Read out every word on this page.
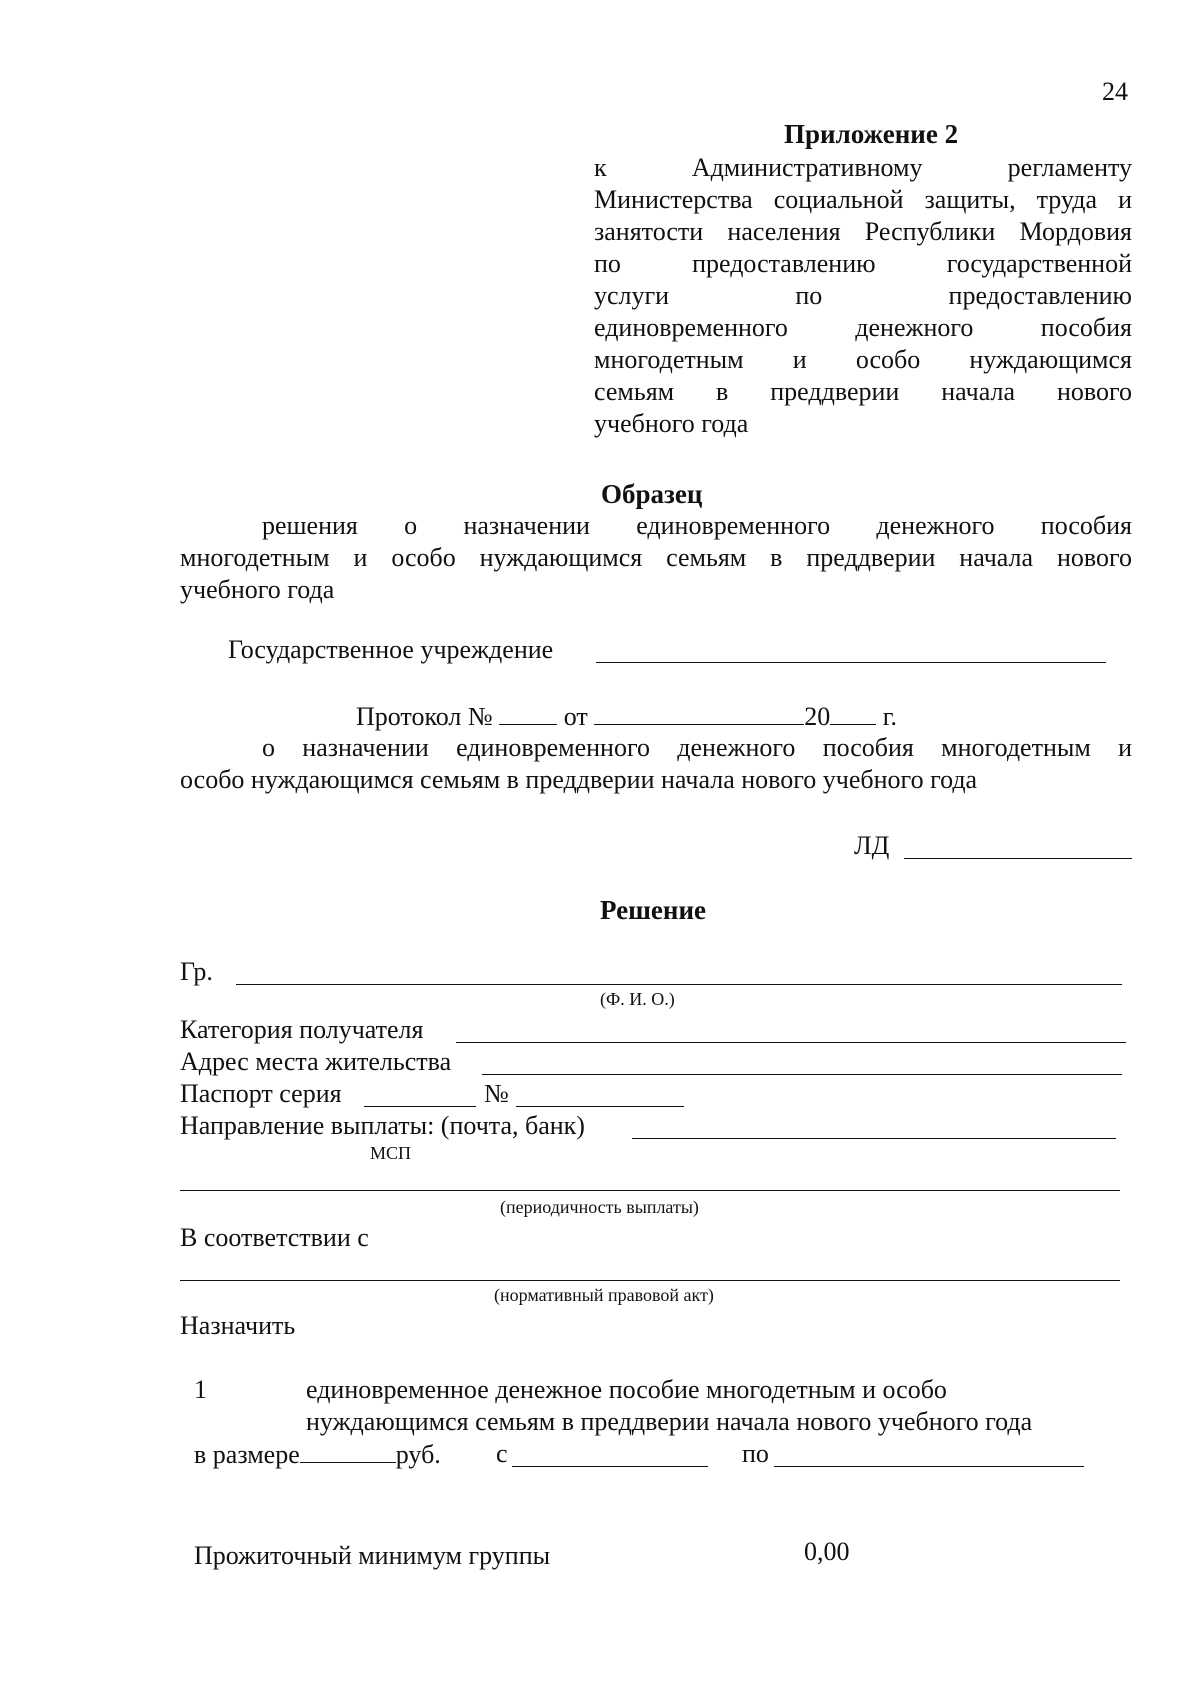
24
Приложение 2
к Административному регламенту
Министерства социальной защиты, труда и
занятости населения Республики Мордовия
по предоставлению государственной
услуги по предоставлению
единовременного денежного пособия
многодетным и особо нуждающимся
семьям в преддверии начала нового
учебного года
Образец
решения о назначении единовременного денежного пособия
многодетным и особо нуждающимся семьям в преддверии начала нового
учебного года
Государственное учреждение
Протокол №	от	20 г.
о назначении единовременного денежного пособия многодетным и
особо нуждающимся семьям в преддверии начала нового учебного года
ЛД
Решение
Гр.
(Ф. И. О.)
Категория получателя
Адрес места жительства
Паспорт серия	№
Направление выплаты: (почта, банк)
МСП
(периодичность выплаты)
В соответствии с
(нормативный правовой акт)
Назначить
1	единовременное денежное пособие многодетным и особо
нуждающимся семьям в преддверии начала нового учебного года
в размере	руб. с	по
Прожиточный минимум группы	0,00
